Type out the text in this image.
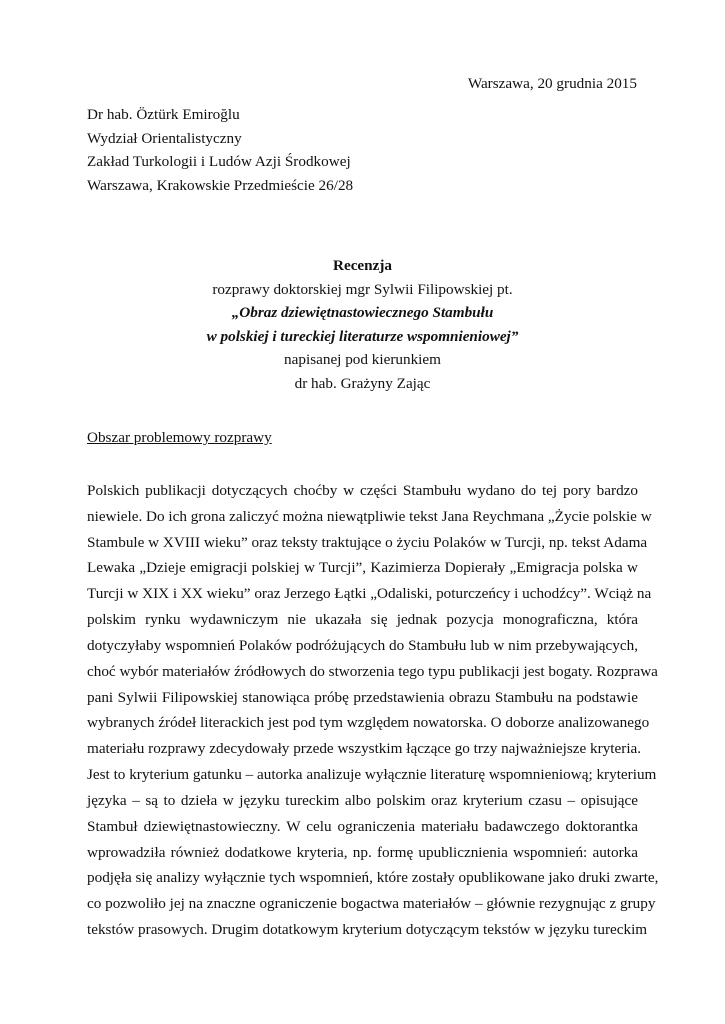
Warszawa, 20 grudnia 2015
Dr hab. Öztürk Emiroğlu
Wydział Orientalistyczny
Zakład Turkologii i Ludów Azji Środkowej
Warszawa, Krakowskie Przedmieście 26/28
Recenzja
rozprawy doktorskiej mgr Sylwii Filipowskiej pt.
„Obraz dziewiętnastowiecznego Stambułu
w polskiej i tureckiej literaturze wspomnieniowej”
napisanej pod kierunkiem
dr hab. Grażyny Zając
Obszar problemowy rozprawy
Polskich publikacji dotyczących choćby w części Stambułu wydano do tej pory bardzo
niewiele. Do ich grona zaliczyć można niewątpliwie tekst Jana Reychmana „Życie polskie w
Stambule w XVIII wieku” oraz teksty traktujące o życiu Polaków w Turcji, np. tekst Adama
Lewaka „Dzieje emigracji polskiej w Turcji”, Kazimierza Dopierały „Emigracja polska w
Turcji w XIX i XX wieku” oraz Jerzego Łątki „Odaliski, poturczeńcy i uchodźcy”. Wciąż na
polskim rynku wydawniczym nie ukazała się jednak pozycja monograficzna, która
dotyczyłaby wspomnień Polaków podróżujących do Stambułu lub w nim przebywających,
choć wybór materiałów źródłowych do stworzenia tego typu publikacji jest bogaty. Rozprawa
pani Sylwii Filipowskiej stanowiąca próbę przedstawienia obrazu Stambułu na podstawie
wybranych źródeł literackich jest pod tym względem nowatorska. O doborze analizowanego
materiału rozprawy zdecydowały przede wszystkim łączące go trzy najważniejsze kryteria.
Jest to kryterium gatunku – autorka analizuje wyłącznie literaturę wspomnieniową; kryterium
języka – są to dzieła w języku tureckim albo polskim oraz kryterium czasu – opisujące
Stambuł dziewiętnastowieczny. W celu ograniczenia materiału badawczego doktorantka
wprowadziła również dodatkowe kryteria, np. formę upublicznienia wspomnień: autorka
podjęła się analizy wyłącznie tych wspomnień, które zostały opublikowane jako druki zwarte,
co pozwoliło jej na znaczne ograniczenie bogactwa materiałów – głównie rezygnując z grupy
tekstów prasowych. Drugim dotatkowym kryterium dotyczącym tekstów w języku tureckim
